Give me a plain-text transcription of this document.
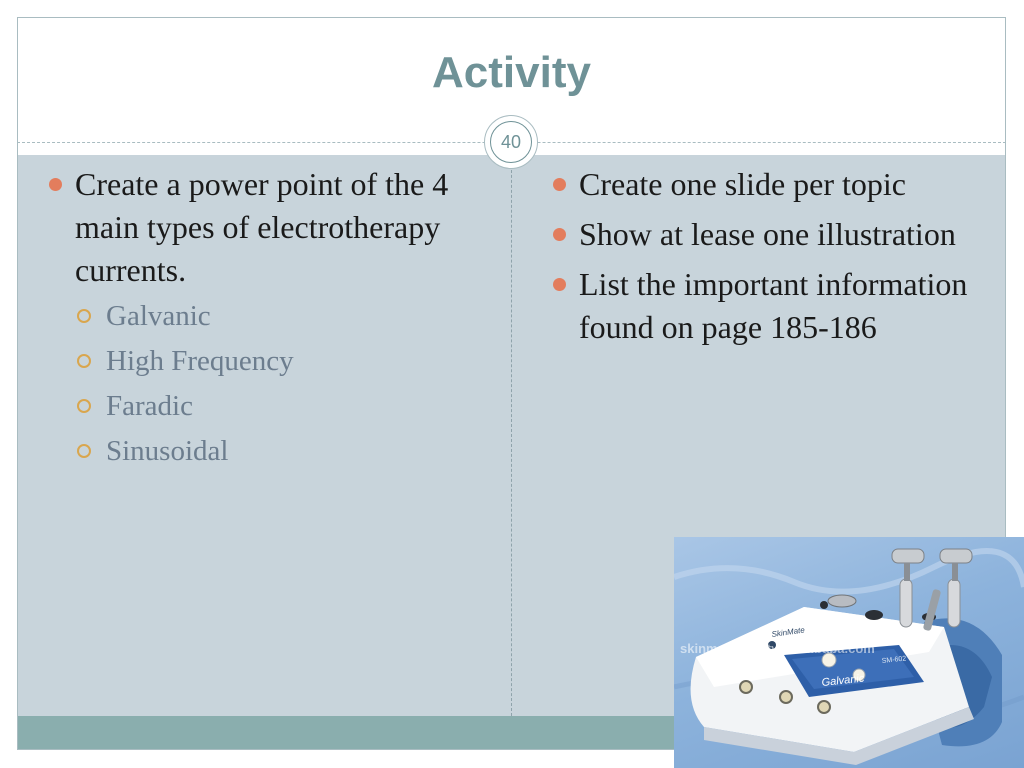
Activity
40
Create a power point of the 4 main types of electrotherapy currents.
Galvanic
High Frequency
Faradic
Sinusoidal
Create one slide per topic
Show at lease one illustration
List the important information found on page 185-186
Galvanic
SkinMate
SM-602
skinmatebeauty.en.alibaba.com
